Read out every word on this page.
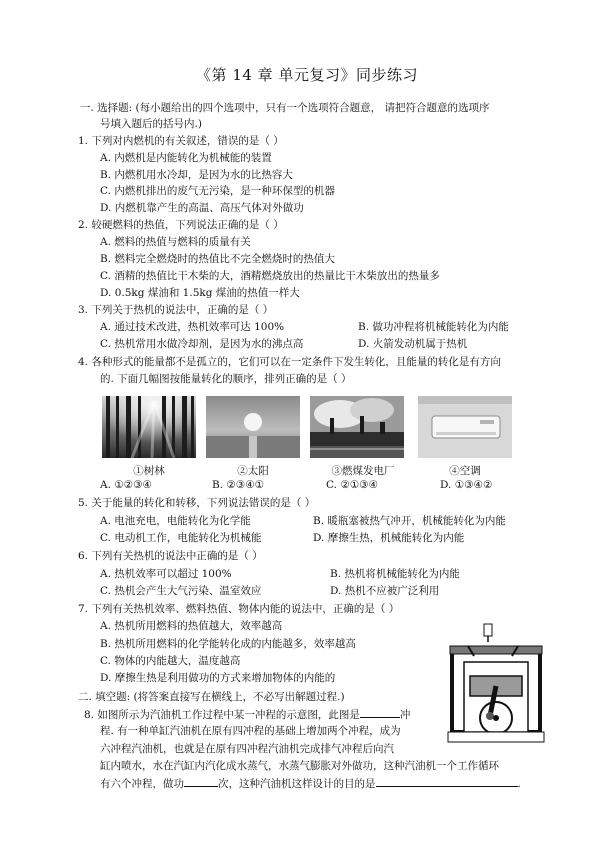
《第 14 章 单元复习》同步练习
一. 选择题: (每小题给出的四个选项中，只有一个选项符合题意， 请把符合题意的选项序
号填入题后的括号内.)
1. 下列对内燃机的有关叙述，错误的是（ ）
A. 内燃机是内能转化为机械能的装置
B. 内燃机用水冷却，是因为水的比热容大
C. 内燃机排出的废气无污染，是一种环保型的机器
D. 内燃机靠产生的高温、高压气体对外做功
2. 较硬燃料的热值，下列说法正确的是（ ）
A. 燃料的热值与燃料的质量有关
B. 燃料完全燃烧时的热值比不完全燃烧时的热值大
C. 酒精的热值比干木柴的大，酒精燃烧放出的热量比干木柴放出的热量多
D. 0.5kg 煤油和 1.5kg 煤油的热值一样大
3. 下列关于热机的说法中，正确的是（ ）
A. 通过技术改进，热机效率可达 100%	B. 做功冲程将机械能转化为内能
C. 热机常用水做冷却剂，是因为水的沸点高	D. 火箭发动机属于热机
4. 各种形式的能量都不是孤立的，它们可以在一定条件下发生转化，且能量的转化是有方向
的. 下面几幅图按能量转化的顺序，排列正确的是（ ）
①树林	②太阳	③燃煤发电厂	④空调
A. ①②③④	B. ②③④①	C. ②①③④	D. ①③④②
5. 关于能量的转化和转移，下列说法错误的是（ ）
A. 电池充电，电能转化为化学能	B. 暖瓶塞被热气冲开，机械能转化为内能
C. 电动机工作，电能转化为机械能	D. 摩擦生热，机械能转化为内能
6. 下列有关热机的说法中正确的是（ ）
A. 热机效率可以超过 100%	B. 热机将机械能转化为内能
C. 热机会产生大气污染、温室效应	D. 热机不应被广泛利用
7. 下列有关热机效率、燃料热值、物体内能的说法中，正确的是（ ）
A. 热机所用燃料的热值越大，效率越高
B. 热机所用燃料的化学能转化成的内能越多，效率越高
C. 物体的内能越大，温度越高
D. 摩擦生热是利用做功的方式来增加物体的内能的
二. 填空题: (将答案直接写在横线上，不必写出解题过程.)
8. 如图所示为汽油机工作过程中某一冲程的示意图，此图是	冲
程. 有一种单缸汽油机在原有四冲程的基础上增加两个冲程，成为
六冲程汽油机，也就是在原有四冲程汽油机完成排气冲程后向汽
缸内喷水，水在汽缸内汽化成水蒸气，水蒸气膨胀对外做功，这种汽油机一个工作循环
有六个冲程，做功	次，这种汽油机这样设计的目的是	.
